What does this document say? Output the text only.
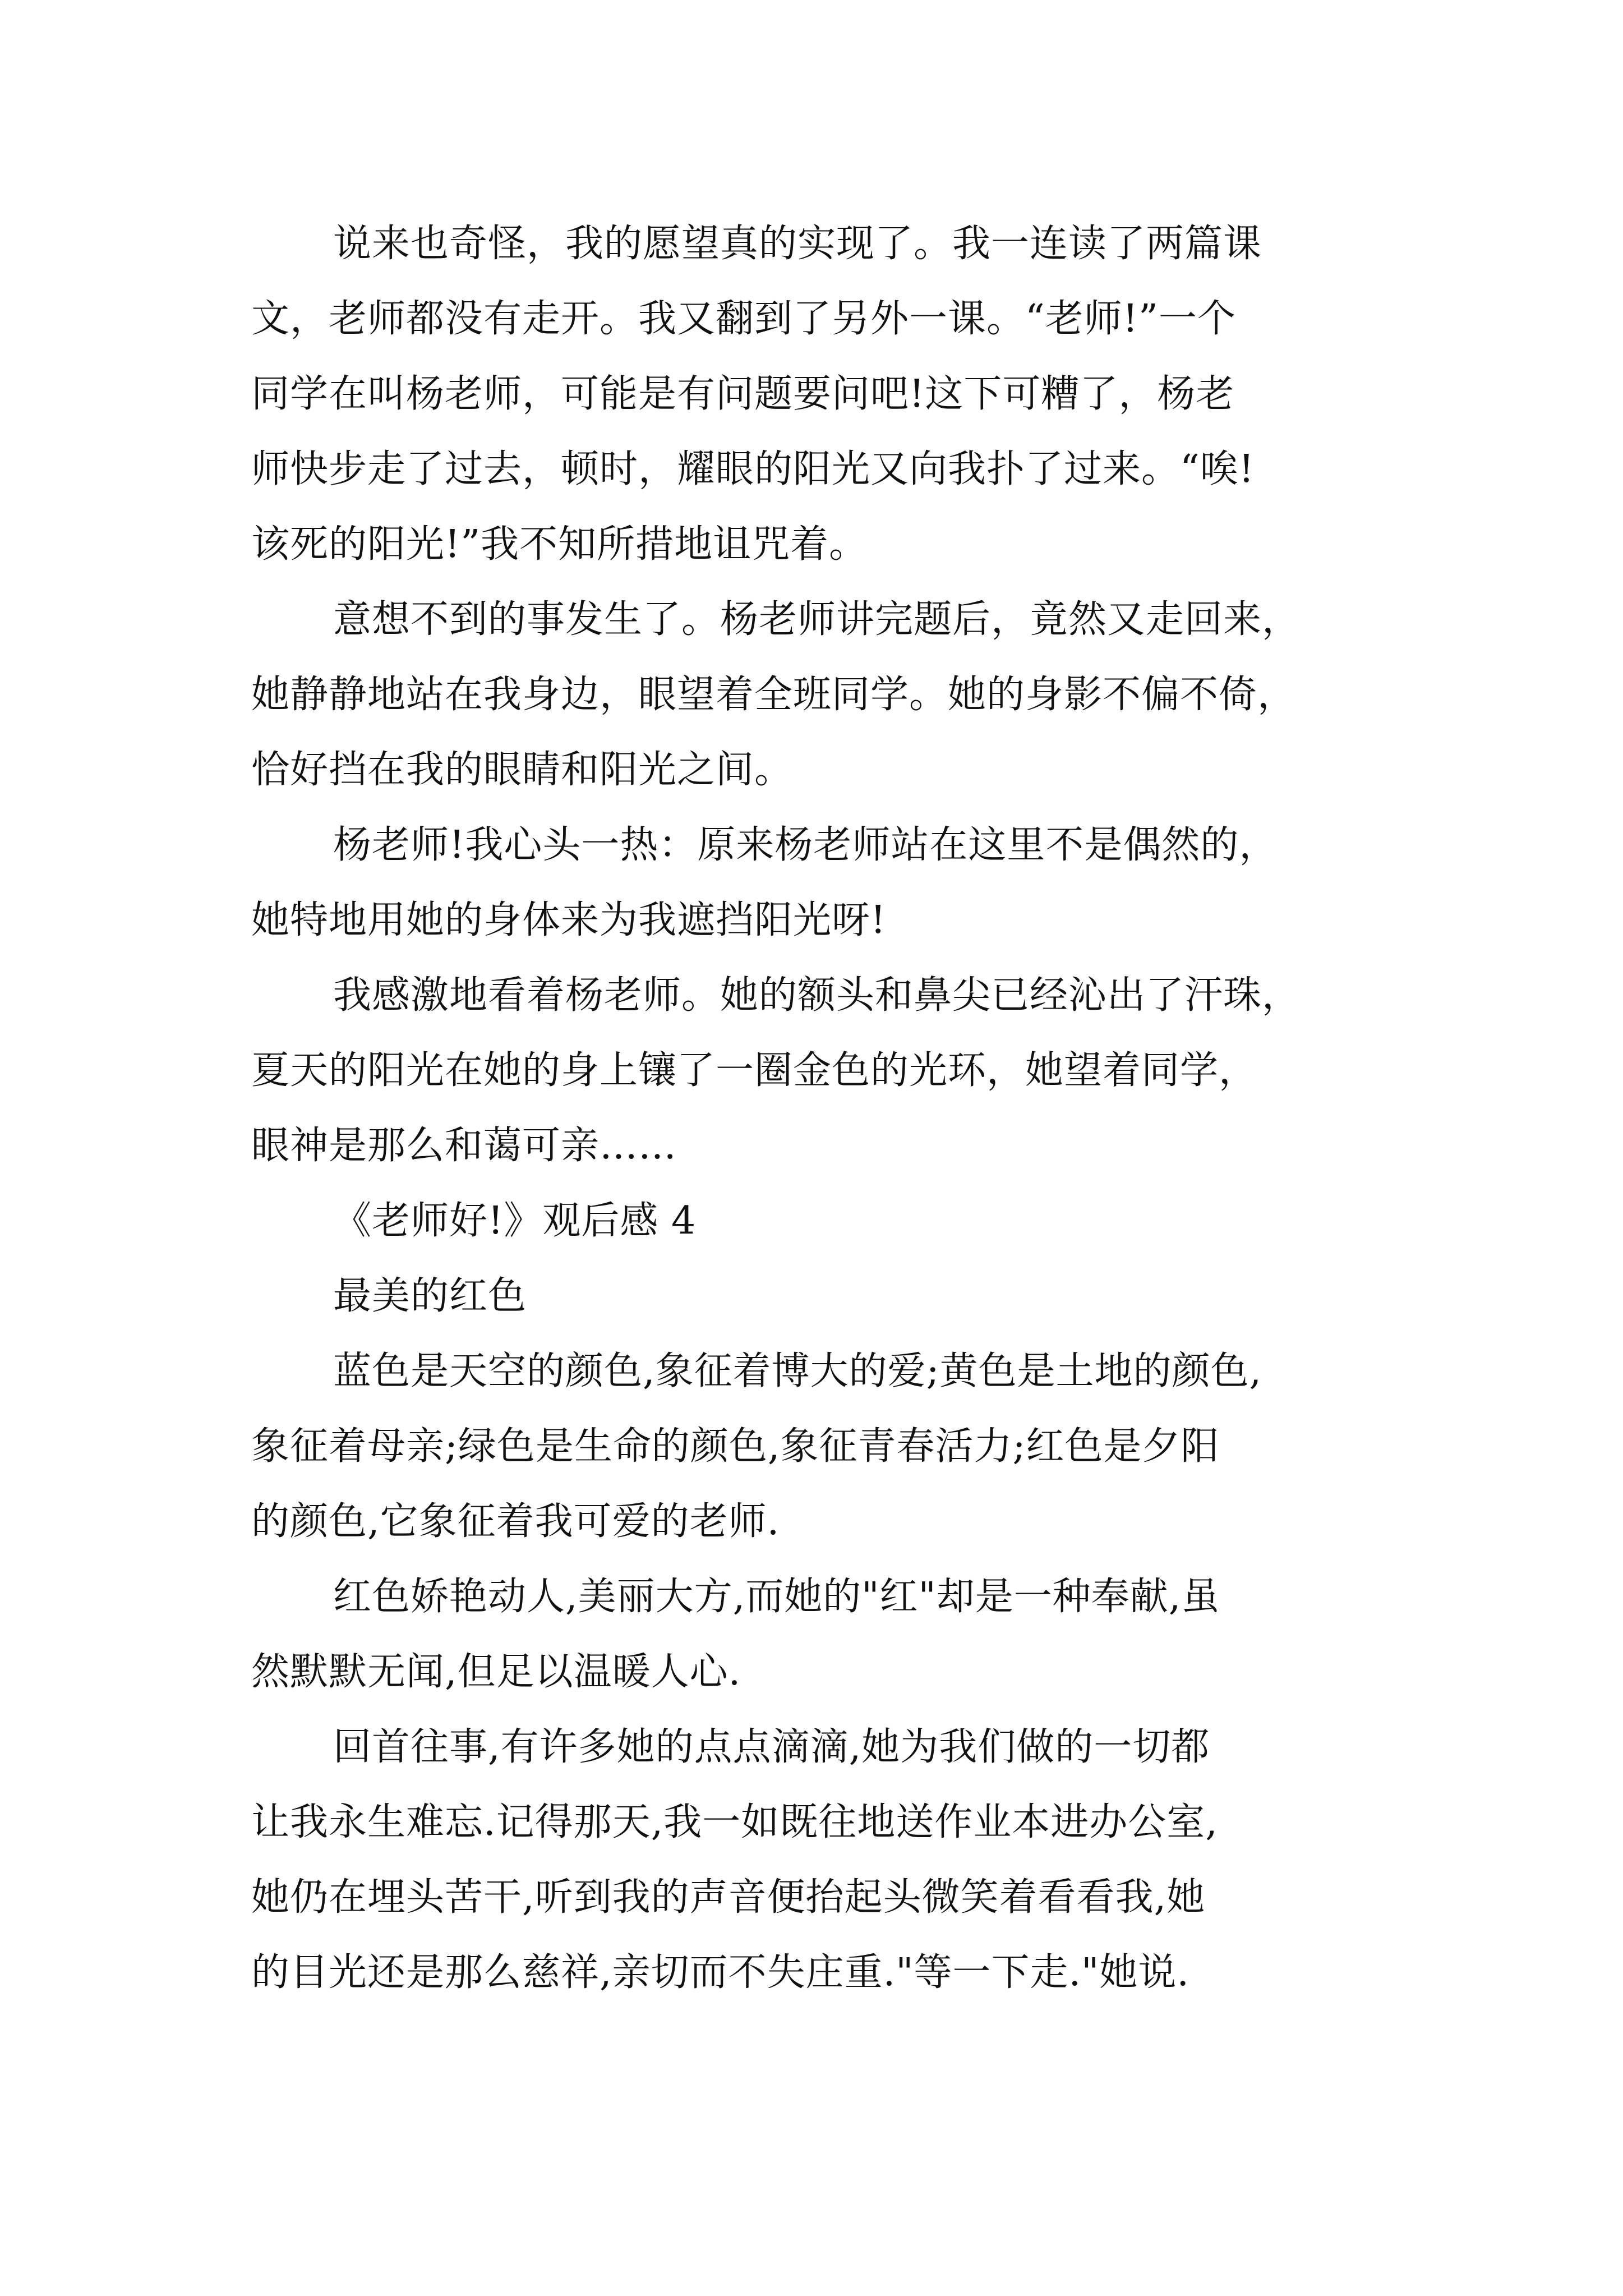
说来也奇怪，我的愿望真的实现了。我一连读了两篇课
文，老师都没有走开。我又翻到了另外一课。“老师!”一个
同学在叫杨老师，可能是有问题要问吧!这下可糟了，杨老
师快步走了过去，顿时，耀眼的阳光又向我扑了过来。“唉!
该死的阳光!”我不知所措地诅咒着。
意想不到的事发生了。杨老师讲完题后，竟然又走回来，
她静静地站在我身边，眼望着全班同学。她的身影不偏不倚，
恰好挡在我的眼睛和阳光之间。
杨老师!我心头一热：原来杨老师站在这里不是偶然的，
她特地用她的身体来为我遮挡阳光呀!
我感激地看着杨老师。她的额头和鼻尖已经沁出了汗珠，
夏天的阳光在她的身上镶了一圈金色的光环，她望着同学，
眼神是那么和蔼可亲……
《老师好!》观后感 4
最美的红色
蓝色是天空的颜色,象征着博大的爱;黄色是土地的颜色,
象征着母亲;绿色是生命的颜色,象征青春活力;红色是夕阳
的颜色,它象征着我可爱的老师.
红色娇艳动人,美丽大方,而她的"红"却是一种奉献,虽
然默默无闻,但足以温暖人心.
回首往事,有许多她的点点滴滴,她为我们做的一切都
让我永生难忘.记得那天,我一如既往地送作业本进办公室,
她仍在埋头苦干,听到我的声音便抬起头微笑着看看我,她
的目光还是那么慈祥,亲切而不失庄重."等一下走."她说.
